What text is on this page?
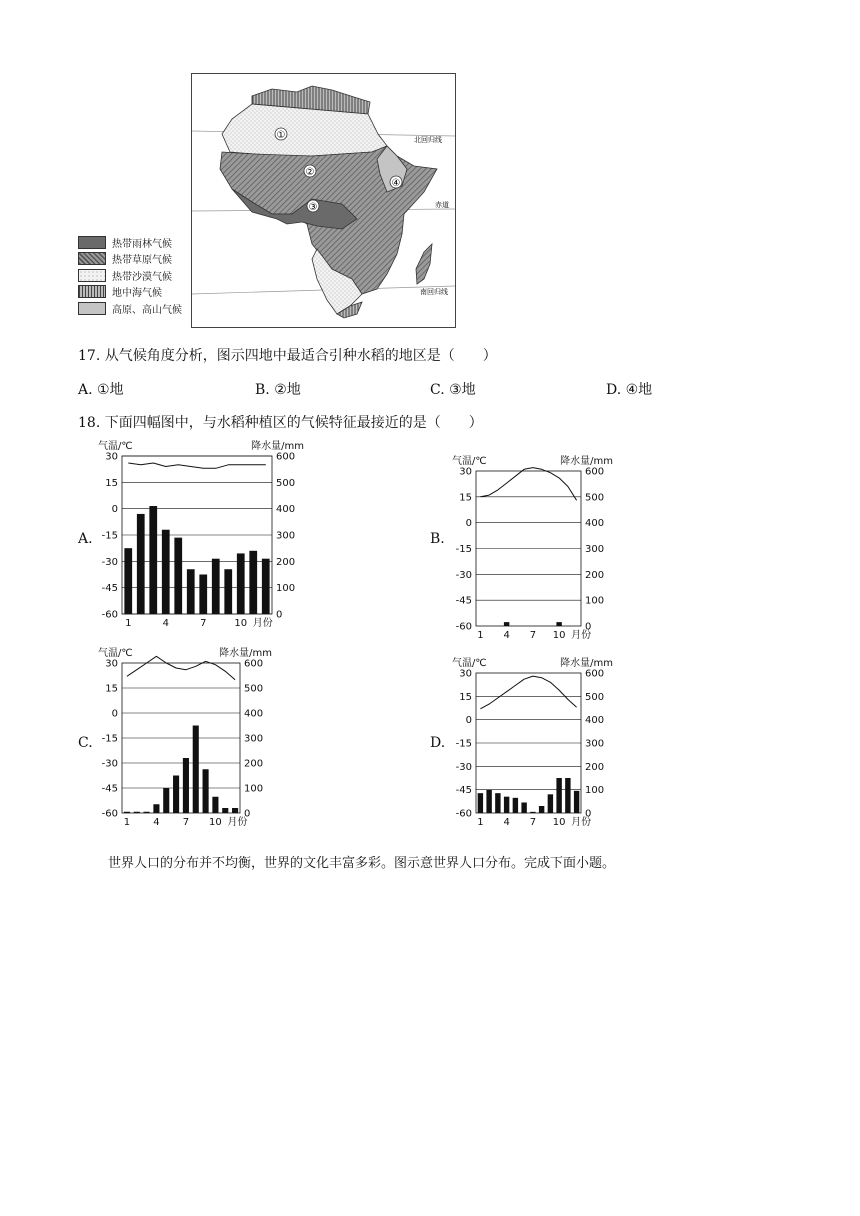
①
②
③
④
北回归线
赤道
南回归线
热带雨林气候
热带草原气候
热带沙漠气候
地中海气候
高原、高山气候
17. 从气候角度分析，图示四地中最适合引种水稻的地区是（　　）
A. ①地	B. ②地	C. ③地	D. ④地
18. 下面四幅图中，与水稻种植区的气候特征最接近的是（　　）
A.	B.
C.	D.
气温/℃	降水量/mm
30	600
15	500
0	400
-15	300
-30	200
-45	100
-60	0
1	4	7	10 月份
气温/℃	降水量/mm
30	600
15	500
0	400
-15	300
-30	200
-45	100
-60	0
1 4 7 10 月份
气温/℃	降水量/mm
30	600
15	500
0	400
-15	300
-30	200
-45	100
-60	0
1 4 7 10 月份
气温/℃	降水量/mm
30	600
15	500
0	400
-15	300
-30	200
-45	100
-60	0
1 4 7 10 月份
世界人口的分布并不均衡，世界的文化丰富多彩。图示意世界人口分布。完成下面小题。
